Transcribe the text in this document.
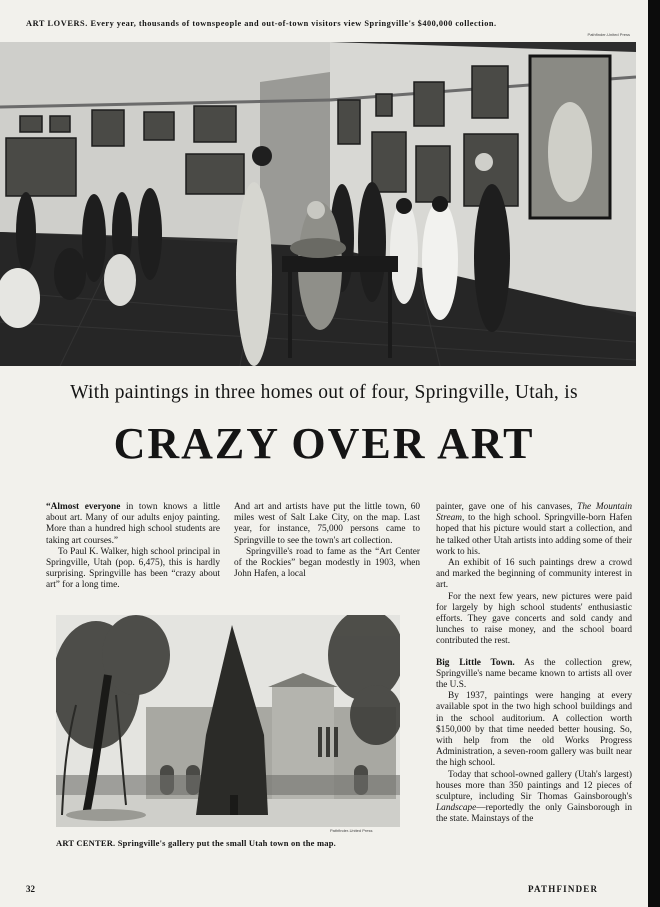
ART LOVERS. Every year, thousands of townspeople and out-of-town visitors view Springville's $400,000 collection.
Pathfinder-United Press
With paintings in three homes out of four, Springville, Utah, is
CRAZY OVER ART

“Almost everyone in town knows a little about art. Many of our adults enjoy painting. More than a hundred high school students are taking art courses.”

To Paul K. Walker, high school principal in Springville, Utah (pop. 6,475), this is hardly surprising. Springville has been “crazy about art” for a long time.

And art and artists have put the little town, 60 miles west of Salt Lake City, on the map. Last year, for instance, 75,000 persons came to Springville to see the town's art collection.

Springville's road to fame as the “Art Center of the Rockies” began modestly in 1903, when John Hafen, a local

painter, gave one of his canvases, The Mountain Stream, to the high school. Springville-born Hafen hoped that his picture would start a collection, and he talked other Utah artists into adding some of their work to his.

An exhibit of 16 such paintings drew a crowd and marked the beginning of community interest in art.

For the next few years, new pictures were paid for largely by high school students' enthusiastic efforts. They gave concerts and sold candy and lunches to raise money, and the school board contributed the rest.

Big Little Town. As the collection grew, Springville's name became known to artists all over the U.S.

By 1937, paintings were hanging at every available spot in the two high school buildings and in the school auditorium. A collection worth $150,000 by that time needed better housing. So, with help from the old Works Progress Administration, a seven-room gallery was built near the high school.

Today that school-owned gallery (Utah's largest) houses more than 350 paintings and 12 pieces of sculpture, including Sir Thomas Gainsborough's Landscape—reportedly the only Gainsborough in the state. Mainstays of the

Pathfinder-United Press
ART CENTER. Springville's gallery put the small Utah town on the map.
32	PATHFINDER
